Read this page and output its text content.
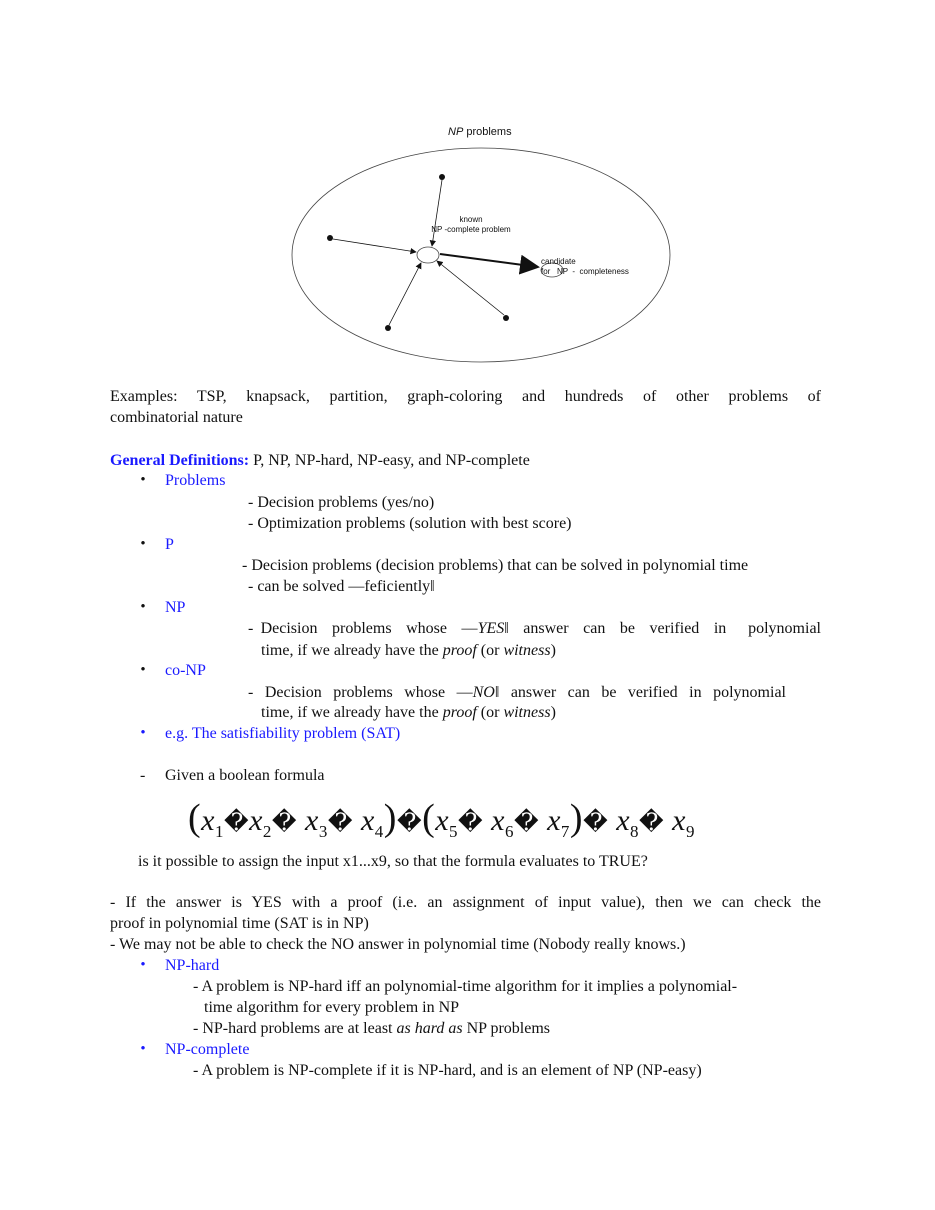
NP problems
known
NP -complete problem
candidate
for   NP  -  completeness
Examples: TSP, knapsack, partition, graph-coloring and hundreds of other problems of
combinatorial nature
General Definitions: P, NP, NP-hard, NP-easy, and NP-complete
• Problems
- Decision problems (yes/no)
- Optimization problems (solution with best score)
• P
- Decision problems (decision problems) that can be solved in polynomial time
- can be solved ―feficiently‖
• NP
- Decision  problems  whose  ―YES‖  answer  can  be  verified  in   polynomial
time, if we already have the proof (or witness)
• co-NP
- Decision problems whose ―NO‖ answer can be verified in polynomial
time, if we already have the proof (or witness)
• e.g. The satisfiability problem (SAT)
- Given a boolean formula
($x_1�x_2�$ $x_3�$ $x_4)�(x_5�$ $x_6�$ $x_7)�$ $x_8�$ $x_9$
is it possible to assign the input x1...x9, so that the formula evaluates to TRUE?
- If the answer is YES with a proof (i.e. an assignment of input value), then we can check the
proof in polynomial time (SAT is in NP)
- We may not be able to check the NO answer in polynomial time (Nobody really knows.)
• NP-hard
- A problem is NP-hard iff an polynomial-time algorithm for it implies a polynomial-
time algorithm for every problem in NP
- NP-hard problems are at least as hard as NP problems
• NP-complete
- A problem is NP-complete if it is NP-hard, and is an element of NP (NP-easy)
